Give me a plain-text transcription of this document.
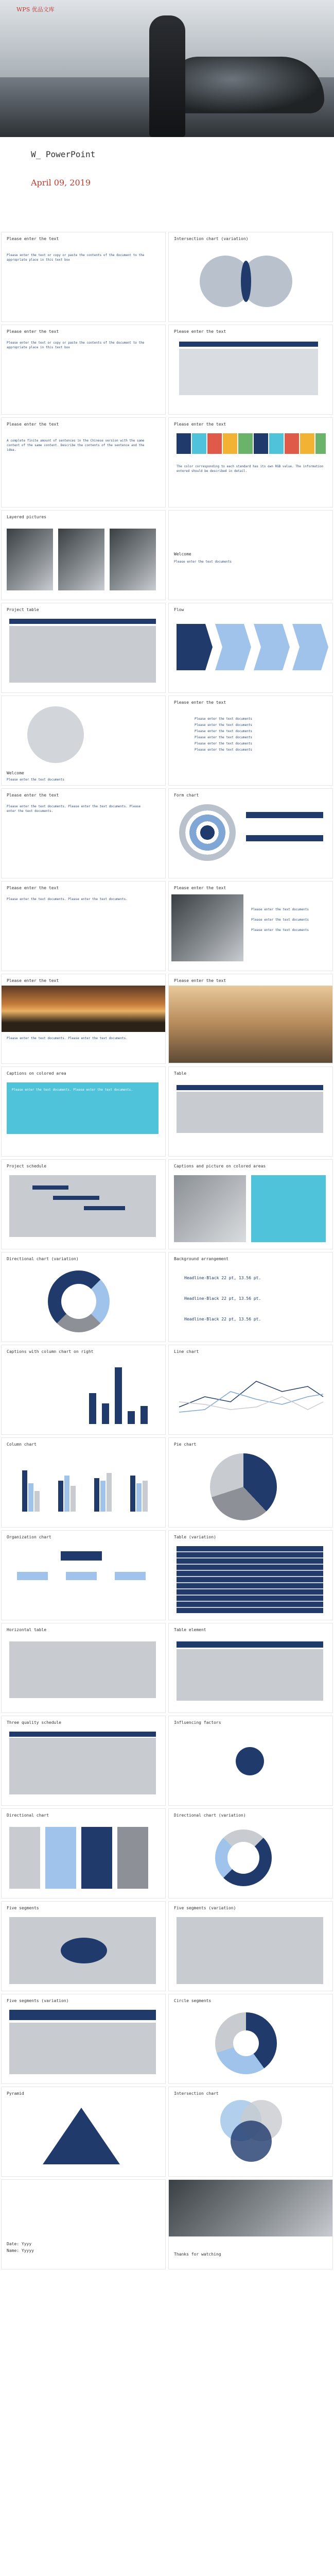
WPS 优品文库
W_ PowerPoint
April 09, 2019
Please enter the text
Please enter the text or copy or paste the contents of the document to the appropriate place in this text box
Intersection chart (variation)
Please enter the text
Please enter the text or copy or paste the contents of the document to the appropriate place in this text box
Please enter the text
Please enter the text
A complete finite amount of sentences in the Chinese version with the same content of the same content. Describe the contents of the sentence and the idea.
Please enter the text
The color corresponding to each standard has its own RGB value. The information entered should be described in detail.
Layered pictures
Welcome
Please enter the text documents
Project table	Flow
Welcome
Please enter the text documents
Please enter the text
Please enter the text documents
Please enter the text documents
Please enter the text documents
Please enter the text documents
Please enter the text documents
Please enter the text documents
Please enter the text
Please enter the text documents. Please enter the text documents. Please enter the text documents.
Form chart
Please enter the text
Please enter the text documents. Please enter the text documents.
Please enter the text
Please enter the text documents
Please enter the text documents
Please enter the text documents
Please enter the text
Please enter the text documents. Please enter the text documents.
Please enter the text
Captions on colored area
Please enter the text documents. Please enter the text documents.
Table
Project schedule	Captions and picture on colored areas
Directional chart (variation)	Background arrangement
Headline-Black 22 pt, 13.56 pt.
Headline-Black 22 pt, 13.56 pt.
Headline-Black 22 pt, 13.56 pt.
Captions with column chart on right	Line chart
Column chart	Pie chart
Organization chart	Table (variation)
Horizontal table	Table element
Three quality schedule	Influencing factors
Directional chart	Directional chart (variation)
Five segments	Five segments (variation)
Five segments (variation)	Circle segments
Pyramid	Intersection chart
Date: Yyyy
Name: Yyyyy
Thanks for watching
